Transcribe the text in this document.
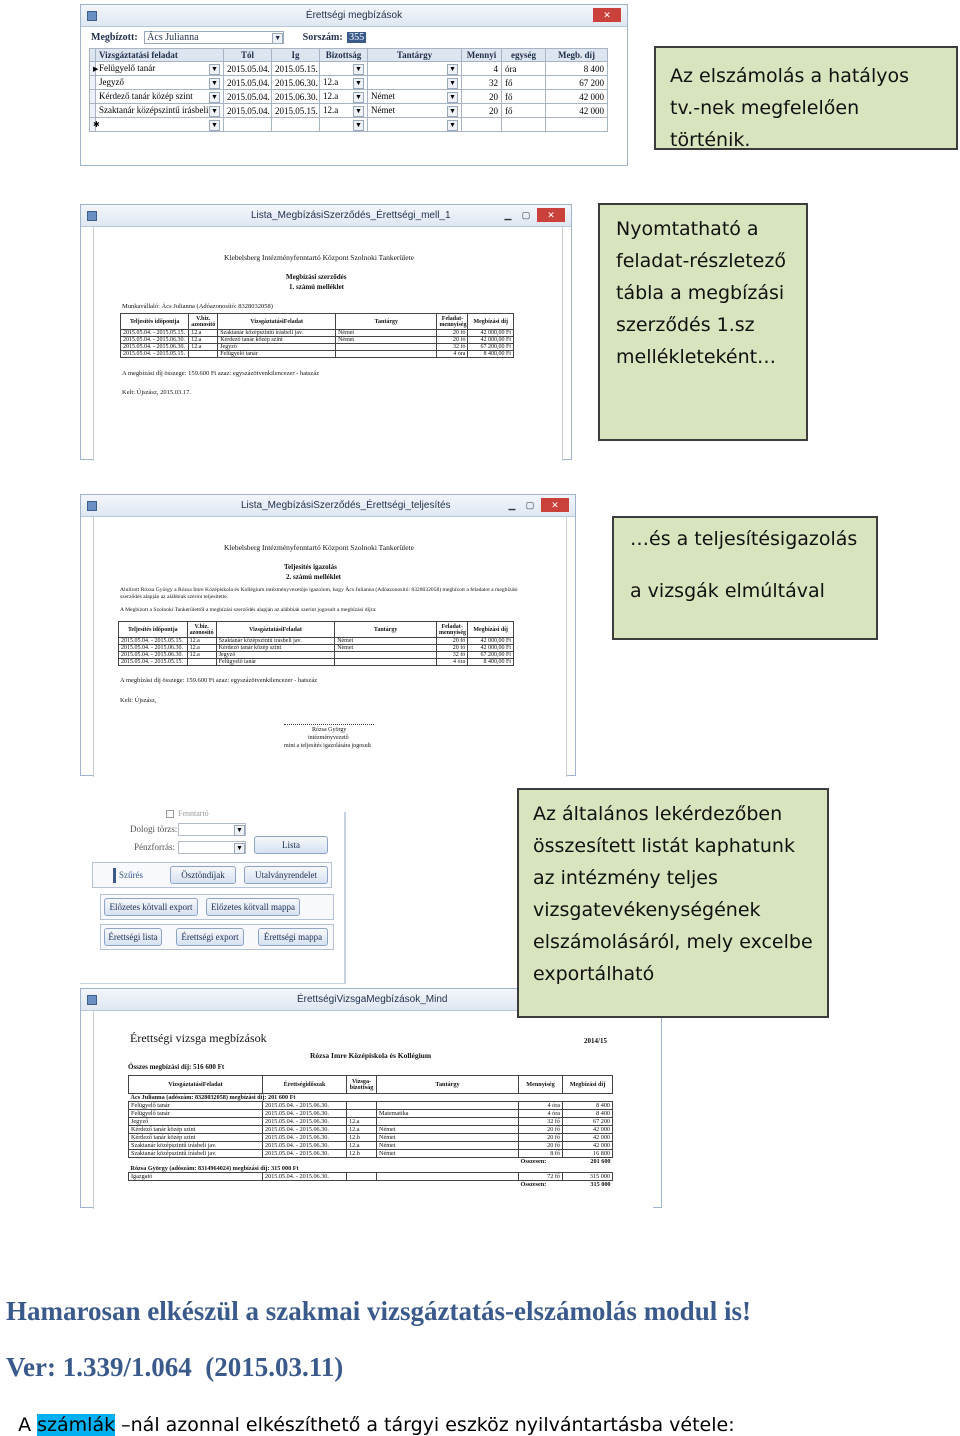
Érettségi megbízások	✕
Megbízott: Ács Julianna	▼ Sorszám: 355
	Vizsgáztatási feladat	Tól	Ig	Bizottság	Tantárgy	Mennyi	egység	Megb. díj
▶	Felügyelő tanár ▼	2015.05.04.	2015.05.15.	▼	▼	4	óra	8 400
	Jegyző ▼	2015.05.04.	2015.06.30.	12.a ▼	▼	32	fő	67 200
	Kérdező tanár közép szint ▼	2015.05.04.	2015.06.30.	12.a ▼	Német ▼	20	fő	42 000
	Szaktanár középszintű írásbeli ▼	2015.05.04.	2015.05.15.	12.a ▼	Német ▼	20	fő	42 000
✱	▼			▼	▼			

Az elszámolás a hatályos tv.-nek megfelelően történik.
Lista_MegbízásiSzerződés_Érettségi_mell_1	▁	▢	✕
Klebelsberg Intézményfenntartó Központ Szolnoki Tankerülete
Megbízási szerződés
1. számú melléklet
Munkavállaló: Ács Julianna (Adóazonosító: 8328032058)
Teljesítés időpontja	V.biz. azonosító	VizsgáztatásiFeladat	Tantárgy	Feladat-mennyiség	Megbízási díj
2015.05.04. - 2015.05.15.	12.a	Szaktanár középszintű írásbeli jav.	Német	20 fő	42 000,00 Ft
2015.05.04. - 2015.06.30.	12.a	Kérdező tanár közép szint	Német	20 fő	42 000,00 Ft
2015.05.04. - 2015.06.30.	12.a	Jegyző		32 fő	67 200,00 Ft
2015.05.04. - 2015.05.15.		Felügyelő tanár		4 óra	8 400,00 Ft
A megbízási díj összege: 159.600 Ft azaz: egyszázötvenkilencezer - hatszáz
Kelt: Újszász, 2015.03.17.
Nyomtatható a feladat-részletező tábla a megbízási szerződés 1.sz mellékleteként…
Lista_MegbízásiSzerződés_Érettségi_teljesítés	▁	▢	✕
Klebelsberg Intézményfenntartó Központ Szolnoki Tankerülete
Teljesítés igazolás
2. számú melléklet
Alulírott Rózsa György a Rózsa Imre Középiskola és Kollégium intézményvezetője igazolom, hogy Ács Julianna (Adóazonosító: 8328032058) megbízott a feladatot a megbízási szerződés alapján az alábbiak szerint teljesítette.
A Megbízott a Szolnoki Tankerülettől a megbízási szerződés alapján az alábbiak szerint jogosult a megbízási díjra:
Teljesítés időpontja	V.biz. azonosító	VizsgáztatásiFeladat	Tantárgy	Feladat-mennyiség	Megbízási díj
2015.05.04. - 2015.05.15.	12.a	Szaktanár középszintű írásbeli jav.	Német	20 fő	42 000,00 Ft
2015.05.04. - 2015.06.30.	12.a	Kérdező tanár közép szint	Német	20 fő	42 000,00 Ft
2015.05.04. - 2015.06.30.	12.a	Jegyző		32 fő	67 200,00 Ft
2015.05.04. - 2015.05.15.		Felügyelő tanár		4 óra	8 400,00 Ft
A megbízási díj összege: 159.600 Ft azaz: egyszázötvenkilencezer - hatszáz
Kelt: Újszász,
Rózsa György
intézményvezető
mint a teljesítés igazolására jogosult
…és a teljesítésigazolás
a vizsgák elmúltával
Fenntartó
Dologi törzs:	▼
Pénzforrás:	▼	Lista
Szűrés	Ösztöndíjak	Utalványrendelet
Előzetes kötvall export	Előzetes kötvall mappa
Érettségi lista	Érettségi export	Érettségi mappa
Az általános lekérdezőben összesített listát kaphatunk az intézmény teljes vizsgatevékenységének elszámolásáról, mely excelbe exportálható
ÉrettségiVizsgaMegbízások_Mind
Érettségi vizsga megbízások	2014/15
Rózsa Imre Középiskola és Kollégium
Összes megbízási díj: 516 600 Ft
VizsgáztatásiFeladat	Érettségidőszak	Vizsga-bizottság	Tantárgy	Mennyiség	Megbízási díj
Ács Julianna (adószám: 8328032058) megbízási díj: 201 600 Ft					
Felügyelő tanár	2015.05.04. - 2015.06.30.			4 óra	8 400
Felügyelő tanár	2015.05.04. - 2015.06.30.		Matematika	4 óra	8 400
Jegyző	2015.05.04. - 2015.06.30.	12.a		32 fő	67 200
Kérdező tanár közép szint	2015.05.04. - 2015.06.30.	12.a	Német	20 fő	42 000
Kérdező tanár közép szint	2015.05.04. - 2015.06.30.	12.b	Német	20 fő	42 000
Szaktanár középszintű írásbeli jav.	2015.05.04. - 2015.06.30.	12.a	Német	20 fő	42 000
Szaktanár középszintű írásbeli jav.	2015.05.04. - 2015.06.30.	12.b	Német	8 fő	16 800
				Összesen:	201 600
Rózsa György (adószám: 8314964024) megbízási díj: 315 000 Ft					
Igazgató	2015.05.04. - 2015.06.30.			72 fő	315 000
				Összesen:	315 000
Hamarosan elkészül a szakmai vizsgáztatás-elszámolás modul is!
Ver: 1.339/1.064  (2015.03.11)

A számlák –nál azonnal elkészíthető a tárgyi eszköz nyilvántartásba vétele:
